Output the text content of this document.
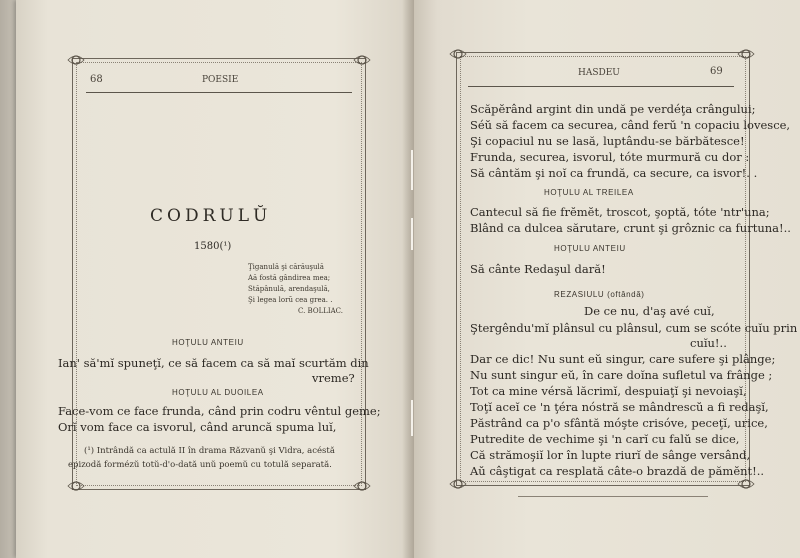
68	POESIE
CODRULŬ
1580(¹)
Ţiganulă şi cărăuşulă
Aă fostă gândirea mea;
Stăpânulă, arendaşulă,
Şi legea lorŭ cea grea. .
C. BOLLIAC.
HOŢULU ANTEIU
Ian' să'mĭ spuneţĭ, ce să facem ca să maĭ scurtăm din
vreme?
HOŢULU AL DUOILEA
Face-vom ce face frunda, când prin codru vêntul geme;
Orĭ vom face ca isvorul, când aruncă spuma luĭ,
(¹) Intrândă ca actulă II în drama Răzvanŭ şi Vidra, acéstă
epizodă formézŭ totŭ-d'o-dată unŭ poemŭ cu totulă separată.
HASDEU	69
Scăpĕrând argint din undă pe verdéţa crângului;
Séŭ să facem ca securea, când ferŭ 'n copaciu lovesce,
Şi copaciul nu se lasă, luptându-se bărbătesce!
Frunda, securea, isvorul, tóte murmură cu dor :
Să cântăm şi noĭ ca frundă, ca secure, ca isvor!. .
HOŢULU AL TREILEA
Cantecul să fie frĕmĕt, troscot, şoptă, tóte 'ntr'una;
Blând ca dulcea sărutare, crunt şi grôznic ca furtuna!..
HOŢULU ANTEIU
Să cânte Redaşul dară!
REZASIULU (oftândă)
De ce nu, d'aş avé cuĭ,
Ştergêndu'mĭ plânsul cu plânsul, cum se scóte cuĭu prin
cuĭu!..
Dar ce dic! Nu sunt eŭ singur, care sufere şi plânge;
Nu sunt singur eŭ, în care doĭna sufletul va frânge ;
Tot ca mine vérsă lăcrimĭ, despuiaţĭ şi nevoiaşĭ,
Toţĭ aceĭ ce 'n ţéra nóstră se mândrescŭ a fi redaşĭ,
Păstrând ca p'o sfântă móşte crisóve, peceţĭ, urice,
Putredite de vechime şi 'n carĭ cu falŭ se dice,
Că strămoşiĭ lor în lupte riurĭ de sânge versând,
Aŭ câştigat ca resplată câte-o brazdă de pămĕnt!..
